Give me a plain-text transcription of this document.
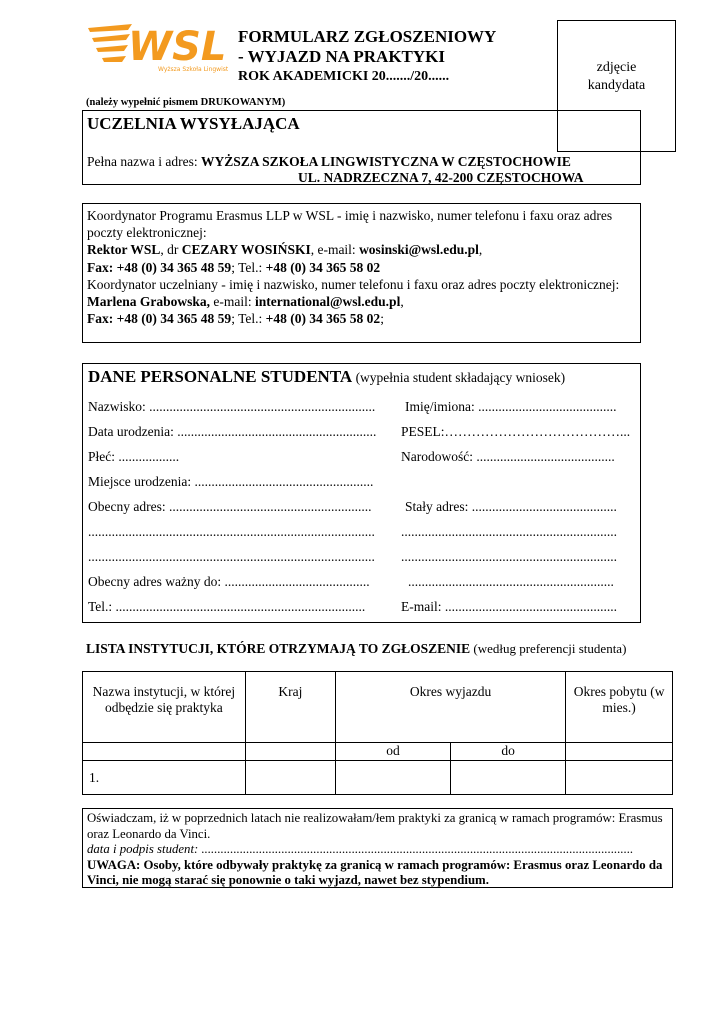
WSL
Wyższa Szkoła Lingwist
FORMULARZ ZGŁOSZENIOWY
- WYJAZD NA PRAKTYKI
ROK AKADEMICKI 20......./20......
zdjęcie
kandydata
(należy wypełnić pismem DRUKOWANYM)
UCZELNIA WYSYŁAJĄCA
Pełna nazwa i adres: WYŻSZA SZKOŁA LINGWISTYCZNA W CZĘSTOCHOWIE
UL. NADRZECZNA 7, 42-200 CZĘSTOCHOWA
Koordynator Programu Erasmus LLP w WSL - imię i nazwisko, numer telefonu i faxu oraz adres poczty elektronicznej:
Rektor WSL, dr CEZARY WOSIŃSKI, e-mail: wosinski@wsl.edu.pl,
Fax: +48 (0) 34 365 48 59; Tel.: +48 (0) 34 365 58 02
Koordynator uczelniany - imię i nazwisko, numer telefonu i faxu oraz adres poczty elektronicznej:
Marlena Grabowska, e-mail: international@wsl.edu.pl,
Fax: +48 (0) 34 365 48 59; Tel.: +48 (0) 34 365 58 02;
DANE PERSONALNE STUDENTA (wypełnia student składający wniosek)
Nazwisko: ................................................................... Imię/imiona: .........................................
Data urodzenia: ........................................................... PESEL:…………………………………...
Płeć: ..................	Narodowość: .........................................
Miejsce urodzenia: .....................................................
Obecny adres: ............................................................ Stały adres: ...........................................
..................................................................................... ................................................................
..................................................................................... ................................................................
Obecny adres ważny do: ...........................................	.............................................................
Tel.: ..........................................................................	E-mail: ...................................................
LISTA INSTYTUCJI, KTÓRE OTRZYMAJĄ TO ZGŁOSZENIE (według preferencji studenta)
Nazwa instytucji, w której odbędzie się praktyka	Kraj	Okres wyjazdu		Okres pobytu (w mies.)
		od	do	
1.				
Oświadczam, iż w poprzednich latach nie realizowałam/łem praktyki za granicą w ramach programów: Erasmus oraz Leonardo da Vinci.
data i podpis student: .......................................................................................................................................
UWAGA: Osoby, które odbywały praktykę za granicą w ramach programów: Erasmus oraz Leonardo da Vinci, nie mogą starać się ponownie o taki wyjazd, nawet bez stypendium.
